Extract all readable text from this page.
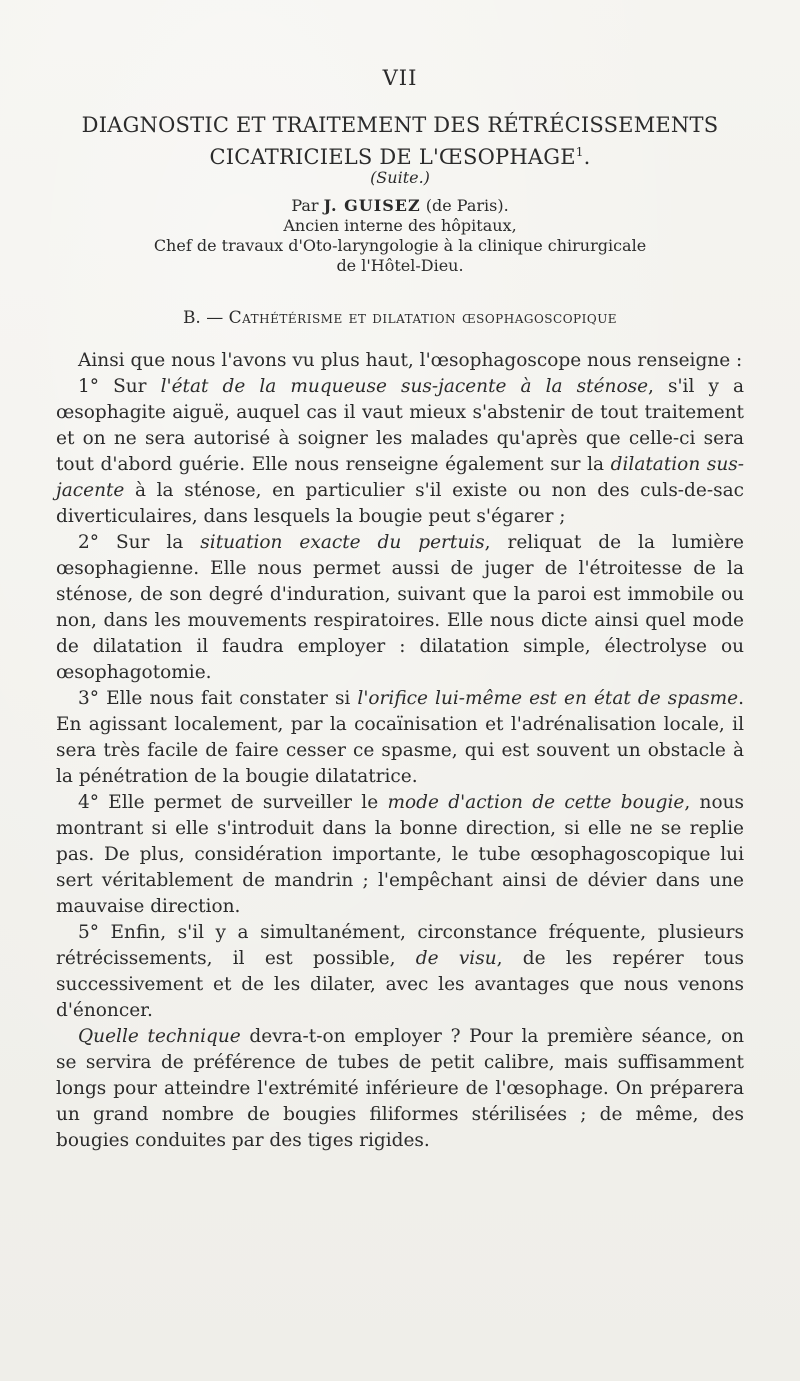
VII
DIAGNOSTIC ET TRAITEMENT DES RÉTRÉCISSEMENTS
CICATRICIELS DE L'ŒSOPHAGE$^1$.
(Suite.)
Par J. GUISEZ (de Paris).
Ancien interne des hôpitaux,
Chef de travaux d'Oto-laryngologie à la clinique chirurgicale
de l'Hôtel-Dieu.
B. — Cathétérisme et dilatation œsophagoscopique

Ainsi que nous l'avons vu plus haut, l'œsophagoscope nous renseigne :

1° Sur l'état de la muqueuse sus-jacente à la sténose, s'il y a œsophagite aiguë, auquel cas il vaut mieux s'abstenir de tout traitement et on ne sera autorisé à soigner les malades qu'après que celle-ci sera tout d'abord guérie. Elle nous renseigne également sur la dilatation sus-jacente à la sténose, en particulier s'il existe ou non des culs-de-sac diverticulaires, dans lesquels la bougie peut s'égarer ;

2° Sur la situation exacte du pertuis, reliquat de la lumière œsophagienne. Elle nous permet aussi de juger de l'étroitesse de la sténose, de son degré d'induration, suivant que la paroi est immobile ou non, dans les mouvements respiratoires. Elle nous dicte ainsi quel mode de dilatation il faudra employer : dilatation simple, électrolyse ou œsophagotomie.

3° Elle nous fait constater si l'orifice lui-même est en état de spasme. En agissant localement, par la cocaïnisation et l'adrénalisation locale, il sera très facile de faire cesser ce spasme, qui est souvent un obstacle à la pénétration de la bougie dilatatrice.

4° Elle permet de surveiller le mode d'action de cette bougie, nous montrant si elle s'introduit dans la bonne direction, si elle ne se replie pas. De plus, considération importante, le tube œsophagoscopique lui sert véritablement de mandrin ; l'empêchant ainsi de dévier dans une mauvaise direction.

5° Enfin, s'il y a simultanément, circonstance fréquente, plusieurs rétrécissements, il est possible, de visu, de les repérer tous successivement et de les dilater, avec les avantages que nous venons d'énoncer.

Quelle technique devra-t-on employer ? Pour la première séance, on se servira de préférence de tubes de petit calibre, mais suffisamment longs pour atteindre l'extrémité inférieure de l'œsophage. On préparera un grand nombre de bougies filiformes stérilisées ; de même, des bougies conduites par des tiges rigides.
